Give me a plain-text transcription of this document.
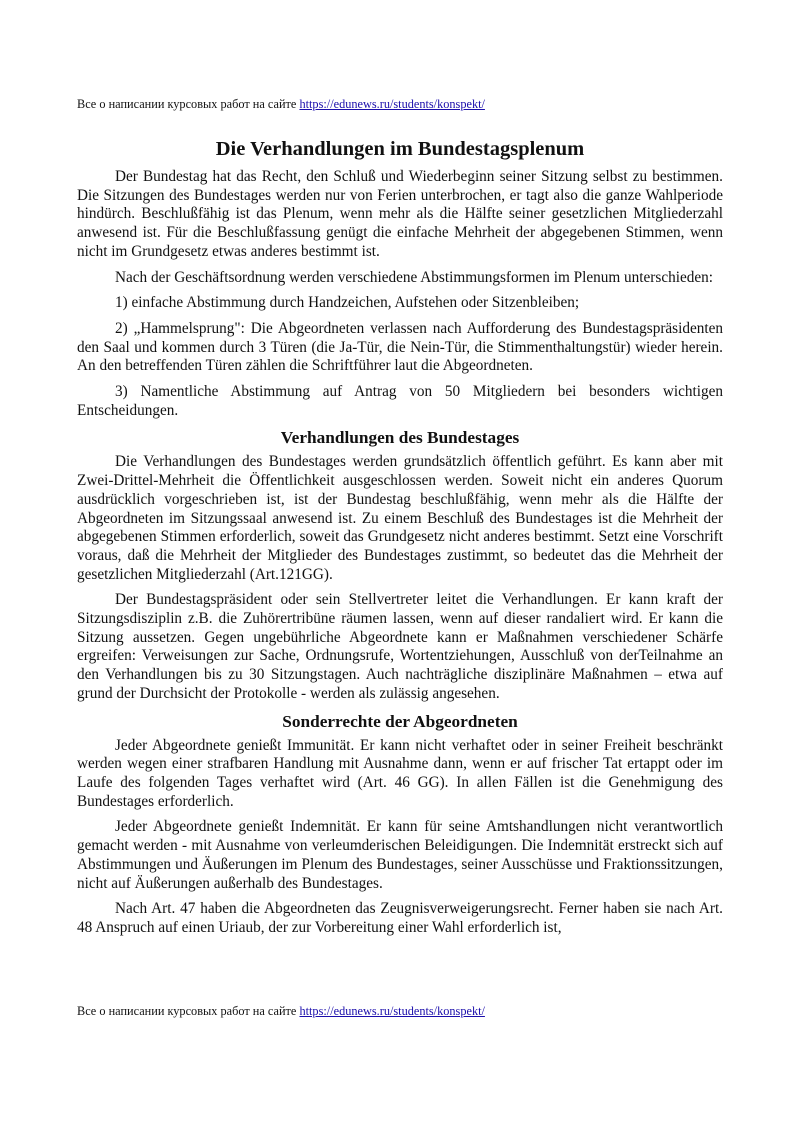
Все о написании курсовых работ на сайте https://edunews.ru/students/konspekt/
Die Verhandlungen im Bundestagsplenum

Der Bundestag hat das Recht, den Schluß und Wiederbeginn seiner Sitzung selbst zu bestimmen. Die Sitzungen des Bundestages werden nur von Ferien unterbrochen, er tagt also die ganze Wahlperiode hindürch. Beschlußfähig ist das Plenum, wenn mehr als die Hälfte seiner gesetzlichen Mitgliederzahl anwesend ist. Für die Beschlußfassung genügt die einfache Mehrheit der abgegebenen Stimmen, wenn nicht im Grundgesetz etwas anderes bestimmt ist.

Nach der Geschäftsordnung werden verschiedene Abstimmungsformen im Plenum unterschieden:

1) einfache Abstimmung durch Handzeichen, Aufstehen oder Sitzenbleiben;

2) „Hammelsprung": Die Abgeordneten verlassen nach Aufforderung des Bundestagspräsidenten den Saal und kommen durch 3 Türen (die Ja-Tür, die Nein-Tür, die Stimmenthaltungstür) wieder herein. An den betreffenden Türen zählen die Schriftführer laut die Abgeordneten.

3) Namentliche Abstimmung auf Antrag von 50 Mitgliedern bei besonders wichtigen Entscheidungen.

Verhandlungen des Bundestages

Die Verhandlungen des Bundestages werden grundsätzlich öffentlich geführt. Es kann aber mit Zwei-Drittel-Mehrheit die Öffentlichkeit ausgeschlossen werden. Soweit nicht ein anderes Quorum ausdrücklich vorgeschrieben ist, ist der Bundestag beschlußfähig, wenn mehr als die Hälfte der Abgeordneten im Sitzungssaal anwesend ist. Zu einem Beschluß des Bundestages ist die Mehrheit der abgegebenen Stimmen erforderlich, soweit das Grundgesetz nicht anderes bestimmt. Setzt eine Vorschrift voraus, daß die Mehrheit der Mitglieder des Bundestages zustimmt, so bedeutet das die Mehrheit der gesetzlichen Mitgliederzahl (Art.121GG).

Der Bundestagspräsident oder sein Stellvertreter leitet die Verhandlungen. Er kann kraft der Sitzungsdisziplin z.B. die Zuhörertribüne räumen lassen, wenn auf dieser randaliert wird. Er kann die Sitzung aussetzen. Gegen ungebührliche Abgeordnete kann er Maßnahmen verschiedener Schärfe ergreifen: Verweisungen zur Sache, Ordnungsrufe, Wortentziehungen, Ausschluß von derTeilnahme an den Verhandlungen bis zu 30 Sitzungstagen. Auch nachträgliche disziplinäre Maßnahmen – etwa auf grund der Durchsicht der Protokolle - werden als zulässig angesehen.

Sonderrechte der Abgeordneten

Jeder Abgeordnete genießt Immunität. Er kann nicht verhaftet oder in seiner Freiheit beschränkt werden wegen einer strafbaren Handlung mit Ausnahme dann, wenn er auf frischer Tat ertappt oder im Laufe des folgenden Tages verhaftet wird (Art. 46 GG). In allen Fällen ist die Genehmigung des Bundestages erforderlich.

Jeder Abgeordnete genießt Indemnität. Er kann für seine Amtshandlungen nicht verantwortlich gemacht werden - mit Ausnahme von verleumderischen Beleidigungen. Die Indemnität erstreckt sich auf Abstimmungen und Äußerungen im Plenum des Bundestages, seiner Ausschüsse und Fraktionssitzungen, nicht auf Äußerungen außerhalb des Bundestages.

Nach Art. 47 haben die Abgeordneten das Zeugnisverweigerungsrecht. Ferner haben sie nach Art. 48 Anspruch auf einen Uriaub, der zur Vorbereitung einer Wahl erforderlich ist,

Все о написании курсовых работ на сайте https://edunews.ru/students/konspekt/
